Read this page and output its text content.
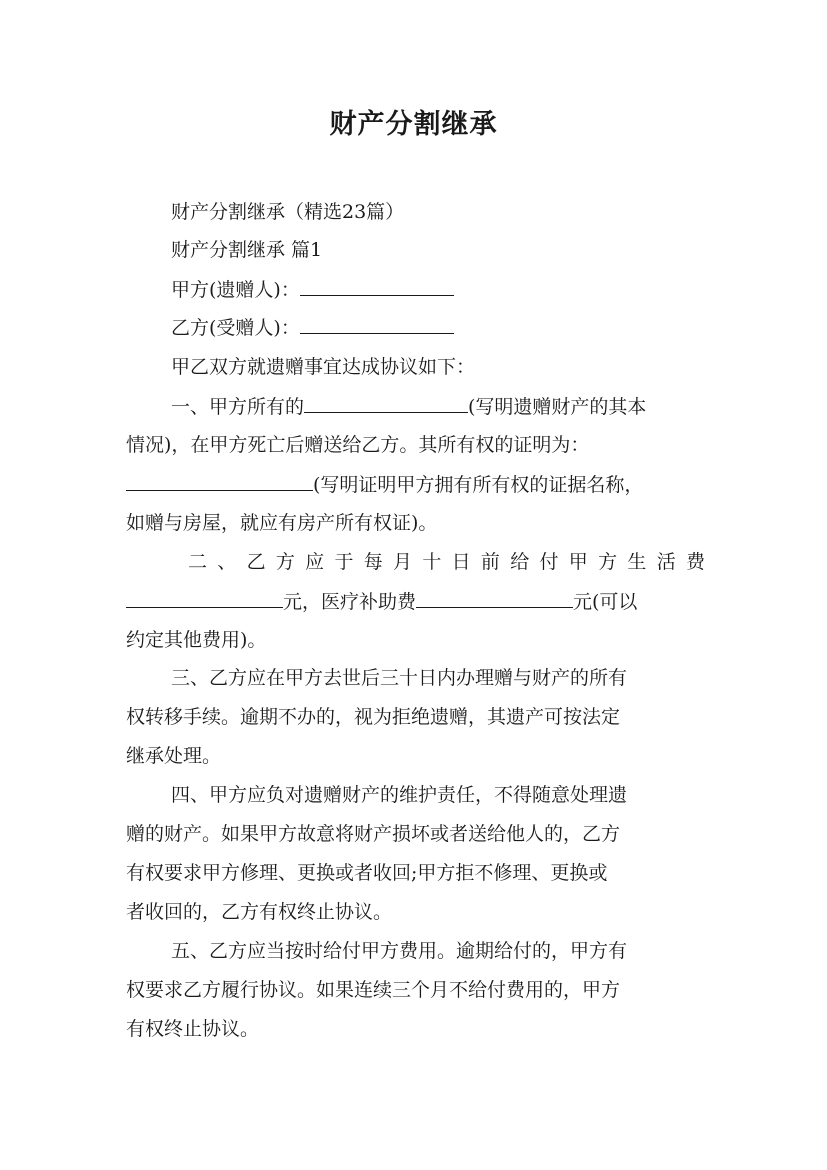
财产分割继承
财产分割继承（精选23篇）
财产分割继承 篇1
甲方(遗赠人)：
乙方(受赠人)：
甲乙双方就遗赠事宜达成协议如下：
一、甲方所有的	(写明遗赠财产的其本
情况)，在甲方死亡后赠送给乙方。其所有权的证明为：
(写明证明甲方拥有所有权的证据名称，
如赠与房屋，就应有房产所有权证)。
二、乙方应于每月十日前给付甲方生活费
元，医疗补助费	元(可以
约定其他费用)。
三、乙方应在甲方去世后三十日内办理赠与财产的所有
权转移手续。逾期不办的，视为拒绝遗赠，其遗产可按法定
继承处理。
四、甲方应负对遗赠财产的维护责任，不得随意处理遗
赠的财产。如果甲方故意将财产损坏或者送给他人的，乙方
有权要求甲方修理、更换或者收回;甲方拒不修理、更换或
者收回的，乙方有权终止协议。
五、乙方应当按时给付甲方费用。逾期给付的，甲方有
权要求乙方履行协议。如果连续三个月不给付费用的，甲方
有权终止协议。
